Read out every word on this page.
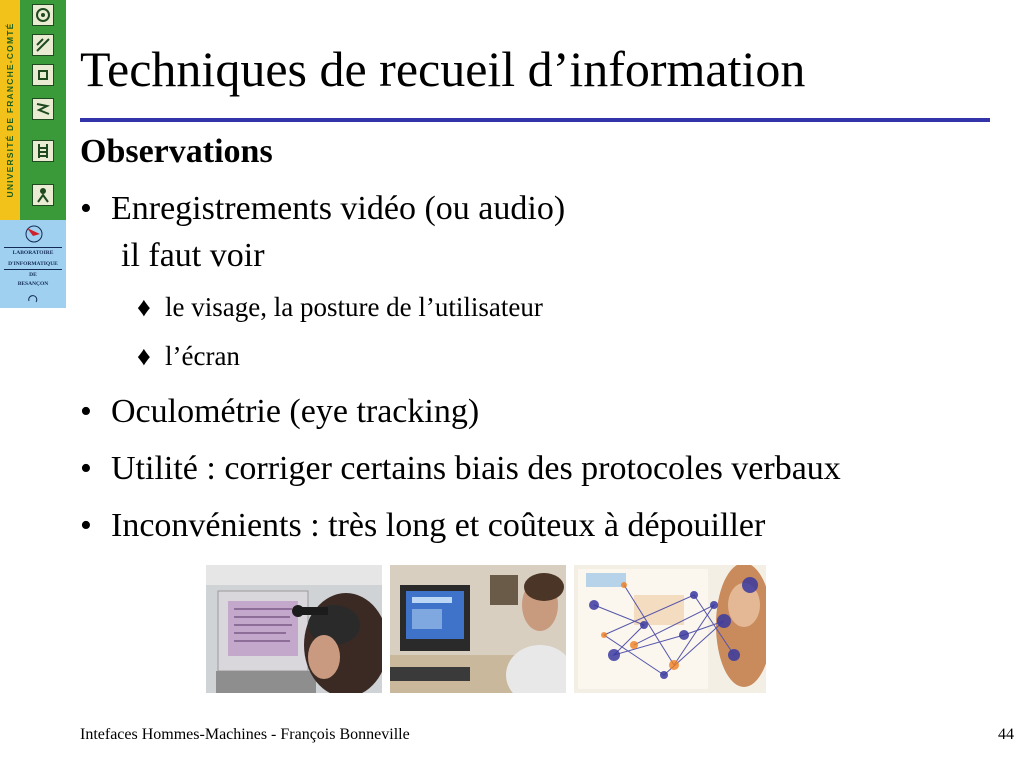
UNIVERSITÉ DE FRANCHE-COMTÉ
LABORATOIRE
D'INFORMATIQUE
DE
BESANÇON
Techniques de recueil d’information
Observations
• Enregistrements vidéo (ou audio)
il faut voir
♦ le visage, la posture de l’utilisateur
♦ l’écran
• Oculométrie (eye tracking)
• Utilité : corriger certains biais des protocoles verbaux
• Inconvénients : très long et coûteux à dépouiller
Intefaces Hommes-Machines - François Bonneville	44
